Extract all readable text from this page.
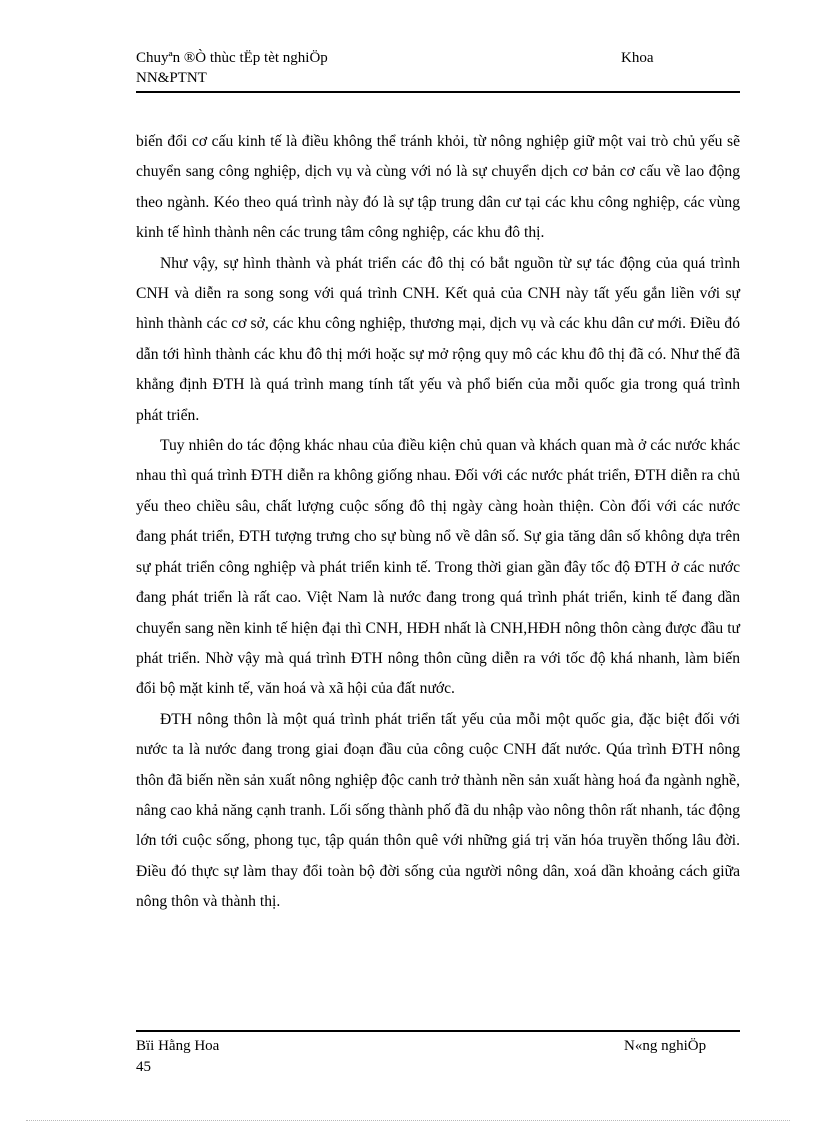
Chuyªn ®Ò thùc tËp tèt nghiÖp
NN&PTNT
Khoa

biến đổi cơ cấu kinh tế là điều không thể tránh khỏi, từ nông nghiệp giữ một vai trò chủ yếu sẽ chuyển sang công nghiệp, dịch vụ và cùng với nó là sự chuyển dịch cơ bản cơ cấu về lao động theo ngành. Kéo theo quá trình này đó là sự tập trung dân cư tại các khu công nghiệp, các vùng kinh tế hình thành nên các trung tâm công nghiệp, các khu đô thị.

Như vậy, sự hình thành và phát triển các đô thị có bắt nguồn từ sự tác động của quá trình CNH và diễn ra song song với quá trình CNH. Kết quả của CNH này tất yếu gắn liền với sự hình thành các cơ sở, các khu công nghiệp, thương mại, dịch vụ và các khu dân cư mới. Điều đó dẫn tới hình thành các khu đô thị mới hoặc sự mở rộng quy mô các khu đô thị đã có. Như thế đã khẳng định ĐTH là quá trình mang tính tất yếu và phổ biến của mỗi quốc gia trong quá trình phát triển.

Tuy nhiên do tác động khác nhau của điều kiện chủ quan và khách quan mà ở các nước khác nhau thì quá trình ĐTH diễn ra không giống nhau. Đối với các nước phát triển, ĐTH diễn ra chủ yếu theo chiều sâu, chất lượng cuộc sống đô thị ngày càng hoàn thiện. Còn đối với các nước đang phát triển, ĐTH tượng trưng cho sự bùng nổ về dân số. Sự gia tăng dân số không dựa trên sự phát triển công nghiệp và phát triển kinh tế. Trong thời gian gần đây tốc độ ĐTH ở các nước đang phát triển là rất cao. Việt Nam là nước đang trong quá trình phát triển, kinh tế đang dần chuyển sang nền kinh tế hiện đại thì CNH, HĐH nhất là CNH,HĐH nông thôn càng được đầu tư phát triển. Nhờ vậy mà quá trình ĐTH nông thôn cũng diễn ra với tốc độ khá nhanh, làm biến đổi bộ mặt kinh tế, văn hoá và xã hội của đất nước.

ĐTH nông thôn là một quá trình phát triển tất yếu của mỗi một quốc gia, đặc biệt đối với nước ta là nước đang trong giai đoạn đầu của công cuộc CNH đất nước. Qúa trình ĐTH nông thôn đã biến nền sản xuất nông nghiệp độc canh trở thành nền sản xuất hàng hoá đa ngành nghề, nâng cao khả năng cạnh tranh. Lối sống thành phố đã du nhập vào nông thôn rất nhanh, tác động lớn tới cuộc sống, phong tục, tập quán thôn quê với những giá trị văn hóa truyền thống lâu đời. Điều đó thực sự làm thay đổi toàn bộ đời sống của người nông dân, xoá dần khoảng cách giữa nông thôn và thành thị.

Bïi Hằng Hoa
45
N«ng nghiÖp
